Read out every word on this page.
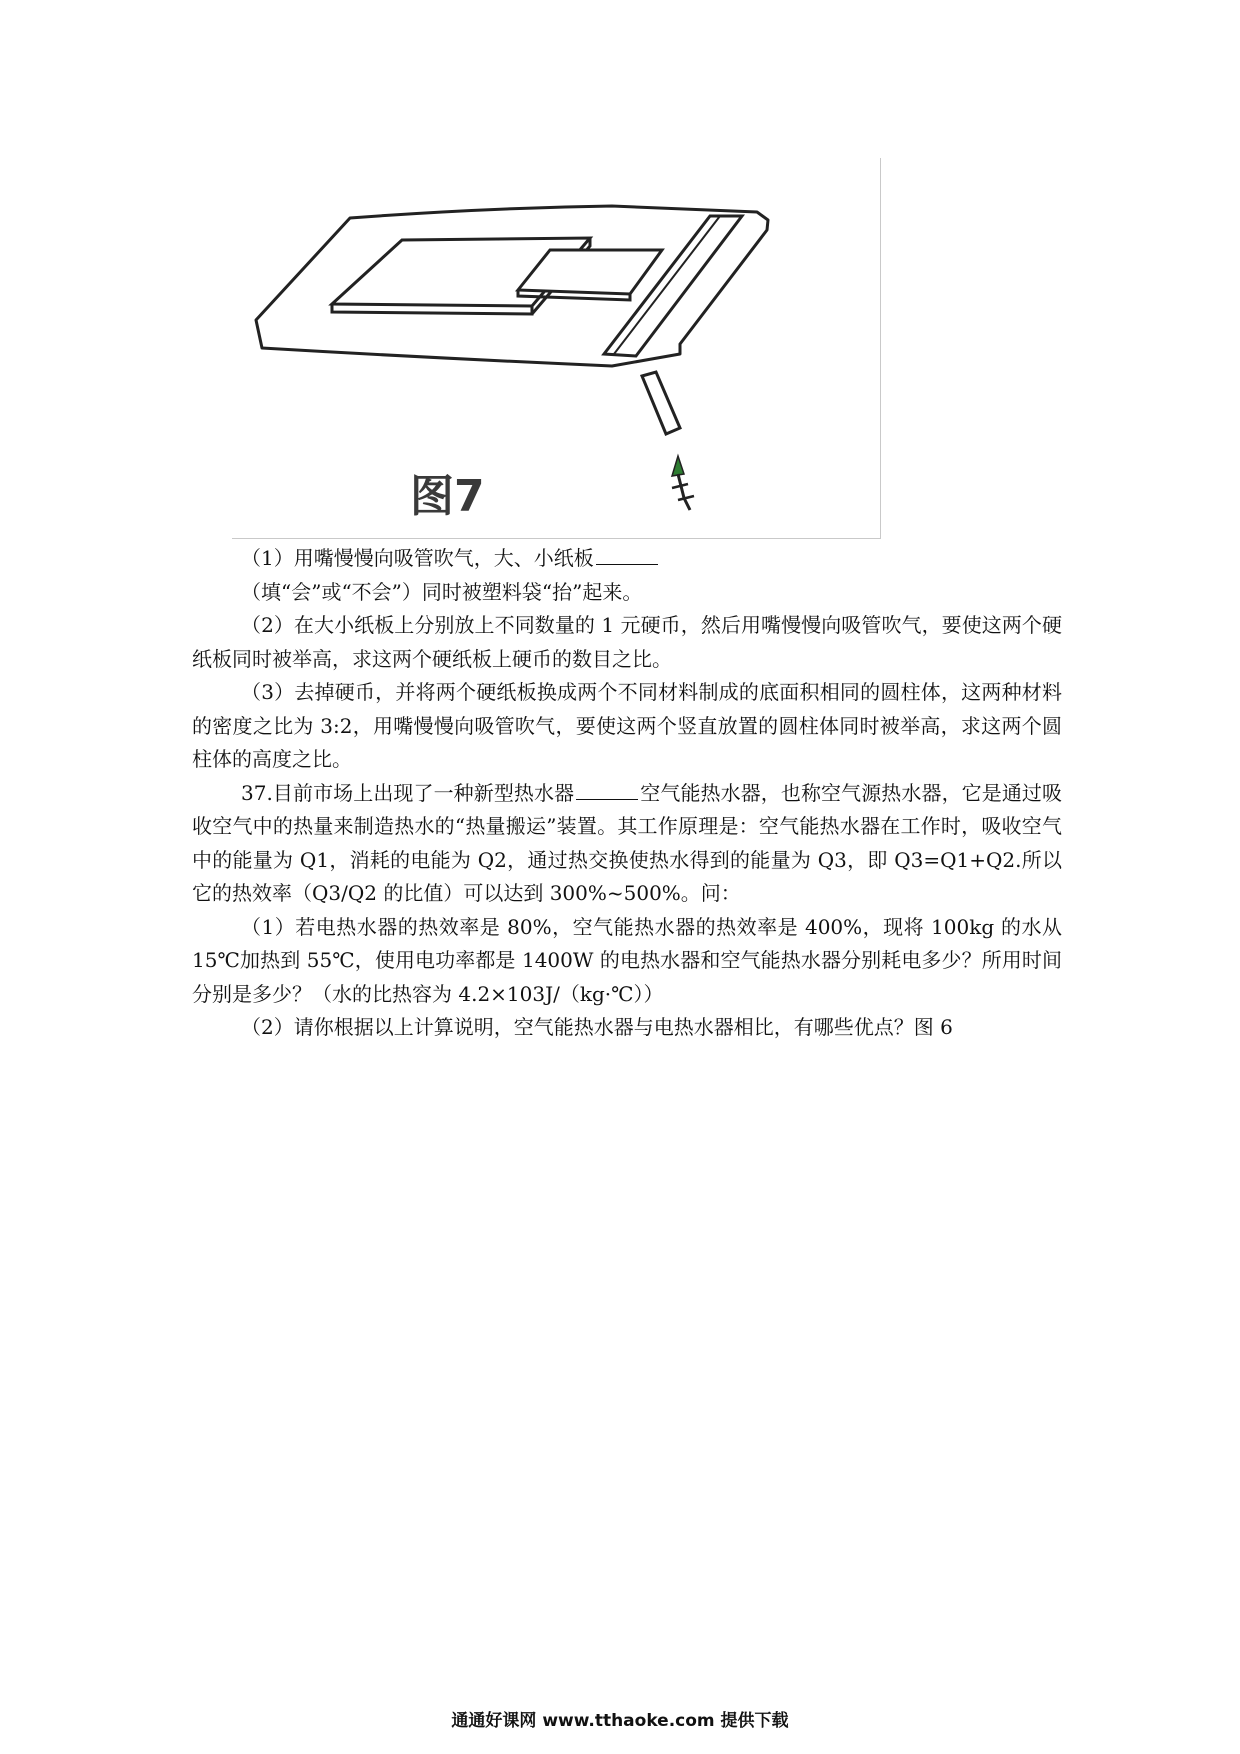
图7

（1）用嘴慢慢向吸管吹气，大、小纸板

（填“会”或“不会”）同时被塑料袋“抬”起来。

（2）在大小纸板上分别放上不同数量的 1 元硬币，然后用嘴慢慢向吸管吹气，要使这两个硬纸板同时被举高，求这两个硬纸板上硬币的数目之比。

（3）去掉硬币，并将两个硬纸板换成两个不同材料制成的底面积相同的圆柱体，这两种材料的密度之比为 3:2，用嘴慢慢向吸管吹气，要使这两个竖直放置的圆柱体同时被举高，求这两个圆柱体的高度之比。

37.目前市场上出现了一种新型热水器	空气能热水器，也称空气源热水器，它是通过吸收空气中的热量来制造热水的“热量搬运”装置。其工作原理是：空气能热水器在工作时，吸收空气中的能量为 Q1，消耗的电能为 Q2，通过热交换使热水得到的能量为 Q3，即 Q3=Q1+Q2.所以它的热效率（Q3/Q2 的比值）可以达到 300%~500%。问：

（1）若电热水器的热效率是 80%，空气能热水器的热效率是 400%，现将 100kg 的水从 15℃加热到 55℃，使用电功率都是 1400W 的电热水器和空气能热水器分别耗电多少？所用时间分别是多少？（水的比热容为 4.2×103J/（kg·℃））

（2）请你根据以上计算说明，空气能热水器与电热水器相比，有哪些优点？图 6

通通好课网 www.tthaoke.com 提供下载
